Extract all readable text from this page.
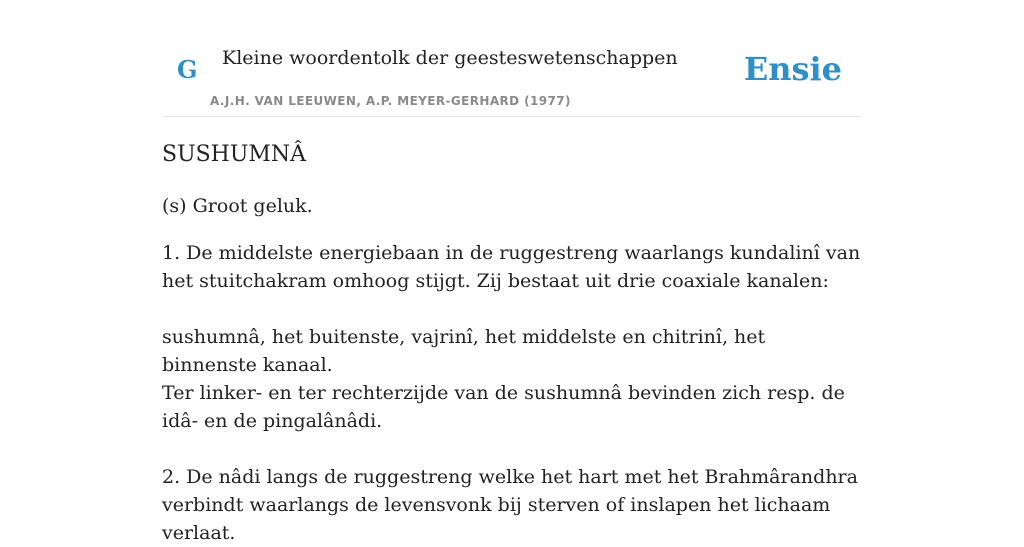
G Kleine woordentolk der geesteswetenschappen
A.J.H. VAN LEEUWEN, A.P. MEYER-GERHARD (1977)
Ensie
SUSHUMNÂ

(s) Groot geluk.

1. De middelste energiebaan in de ruggestreng waarlangs kundalinî van het stuitchakram omhoog stijgt. Zij bestaat uit drie coaxiale kanalen:

sushumnâ, het buitenste, vajrinî, het middelste en chitrinî, het binnenste kanaal.

Ter linker- en ter rechterzijde van de sushumnâ bevinden zich resp. de idâ- en de pingalânâdi.

2. De nâdi langs de ruggestreng welke het hart met het Brahmârandhra verbindt waarlangs de levensvonk bij sterven of inslapen het lichaam verlaat.
